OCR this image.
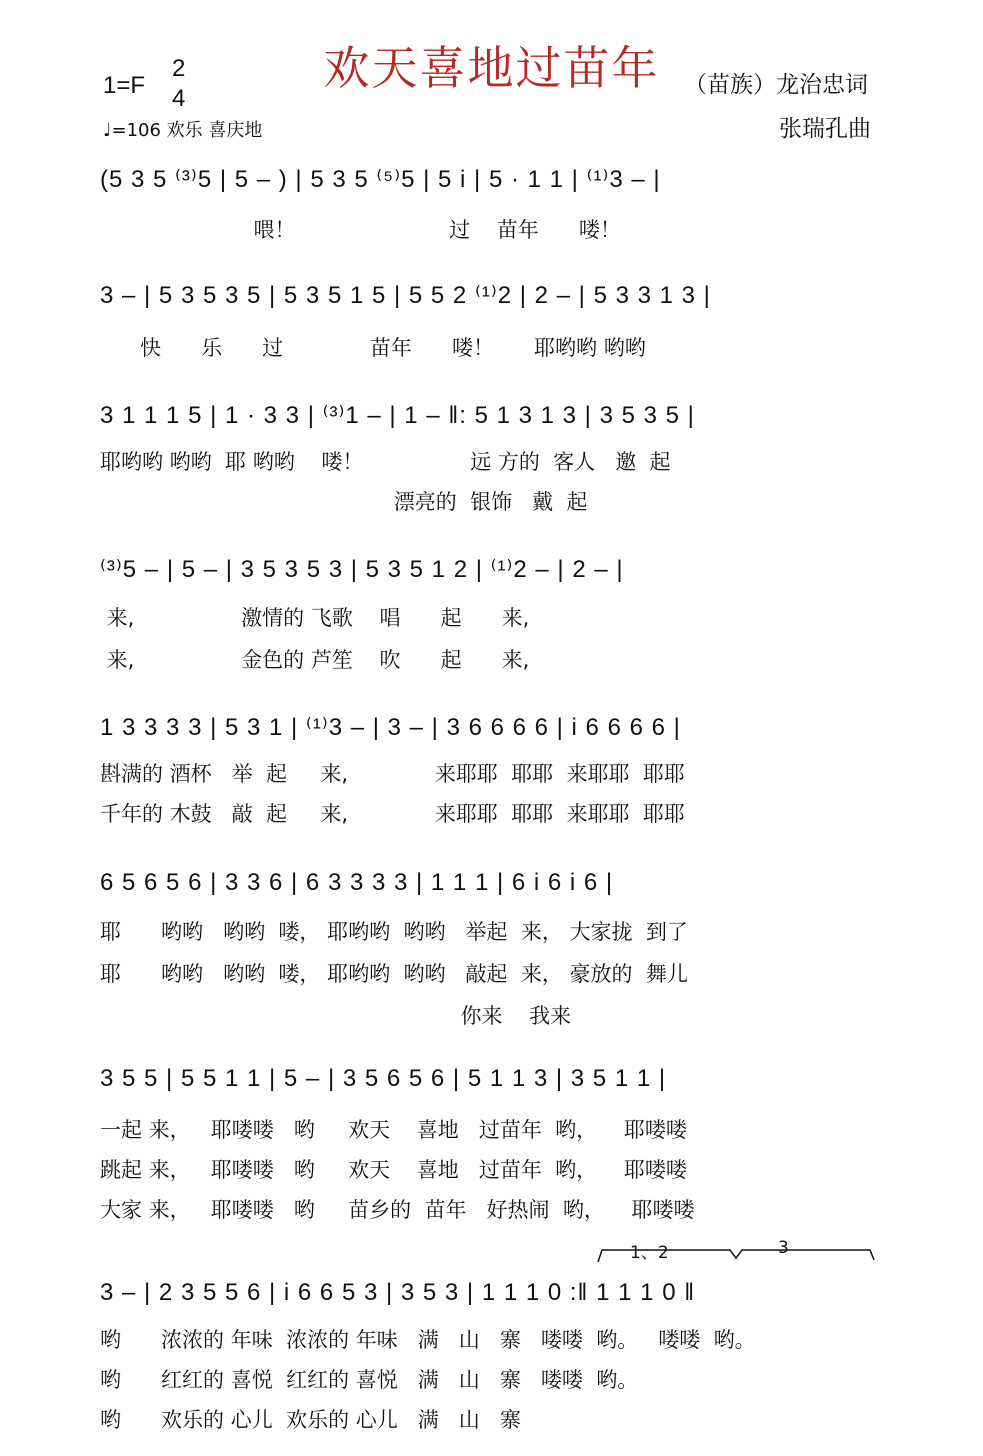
欢天喜地过苗年
1=F
2
4
♩=106 欢乐 喜庆地
（苗族）龙治忠词
张瑞孔曲
(5 3 5 ⁽³⁾5 | 5 – ) | 5 3 5 ⁽⁵⁾5 | 5 i | 5 · 1 1 | ⁽¹⁾3 – |
喂！                       过    苗年      喽！
3 – | 5 3 5 3 5 | 5 3 5 1 5 | 5 5 2 ⁽¹⁾2 | 2 – | 5 3 3 1 3 |
快      乐      过             苗年      喽！      耶哟哟 哟哟
3 1 1 1 5 | 1 · 3 3 | ⁽³⁾1 – | 1 – ‖: 5 1 3 1 3 | 3 5 3 5 |
耶哟哟 哟哟  耶 哟哟    喽！                远 方的  客人   邀  起
漂亮的  银饰   戴  起
⁽³⁾5 – | 5 – | 3 5 3 5 3 | 5 3 5 1 2 | ⁽¹⁾2 – | 2 – |
来,                激情的 飞歌    唱      起      来,
来,                金色的 芦笙    吹      起      来,
1 3 3 3 3 | 5 3 1 | ⁽¹⁾3 – | 3 – | 3 6 6 6 6 | i 6 6 6 6 |
斟满的 酒杯   举  起     来,             来耶耶  耶耶  来耶耶  耶耶
千年的 木鼓   敲  起     来,             来耶耶  耶耶  来耶耶  耶耶
6 5 6 5 6 | 3 3 6 | 6 3 3 3 3 | 1 1 1 | 6 i 6 i 6 |
耶      哟哟   哟哟  喽， 耶哟哟  哟哟   举起  来， 大家拢  到了
耶      哟哟   哟哟  喽， 耶哟哟  哟哟   敲起  来， 豪放的  舞儿
你来    我来
3 5 5 | 5 5 1 1 | 5 – | 3 5 6 5 6 | 5 1 1 3 | 3 5 1 1 |
一起 来，   耶喽喽   哟     欢天    喜地   过苗年  哟，    耶喽喽
跳起 来，   耶喽喽   哟     欢天    喜地   过苗年  哟，    耶喽喽
大家 来，   耶喽喽   哟     苗乡的  苗年   好热闹  哟，    耶喽喽
1、2	3
3 – | 2 3 5 5 6 | i 6 6 5 3 | 3 5 3 | 1 1 1 0 :‖ 1 1 1 0 ‖
哟      浓浓的 年味  浓浓的 年味   满   山   寨   喽喽  哟。   喽喽  哟。
哟      红红的 喜悦  红红的 喜悦   满   山   寨   喽喽  哟。
哟      欢乐的 心儿  欢乐的 心儿   满   山   寨
